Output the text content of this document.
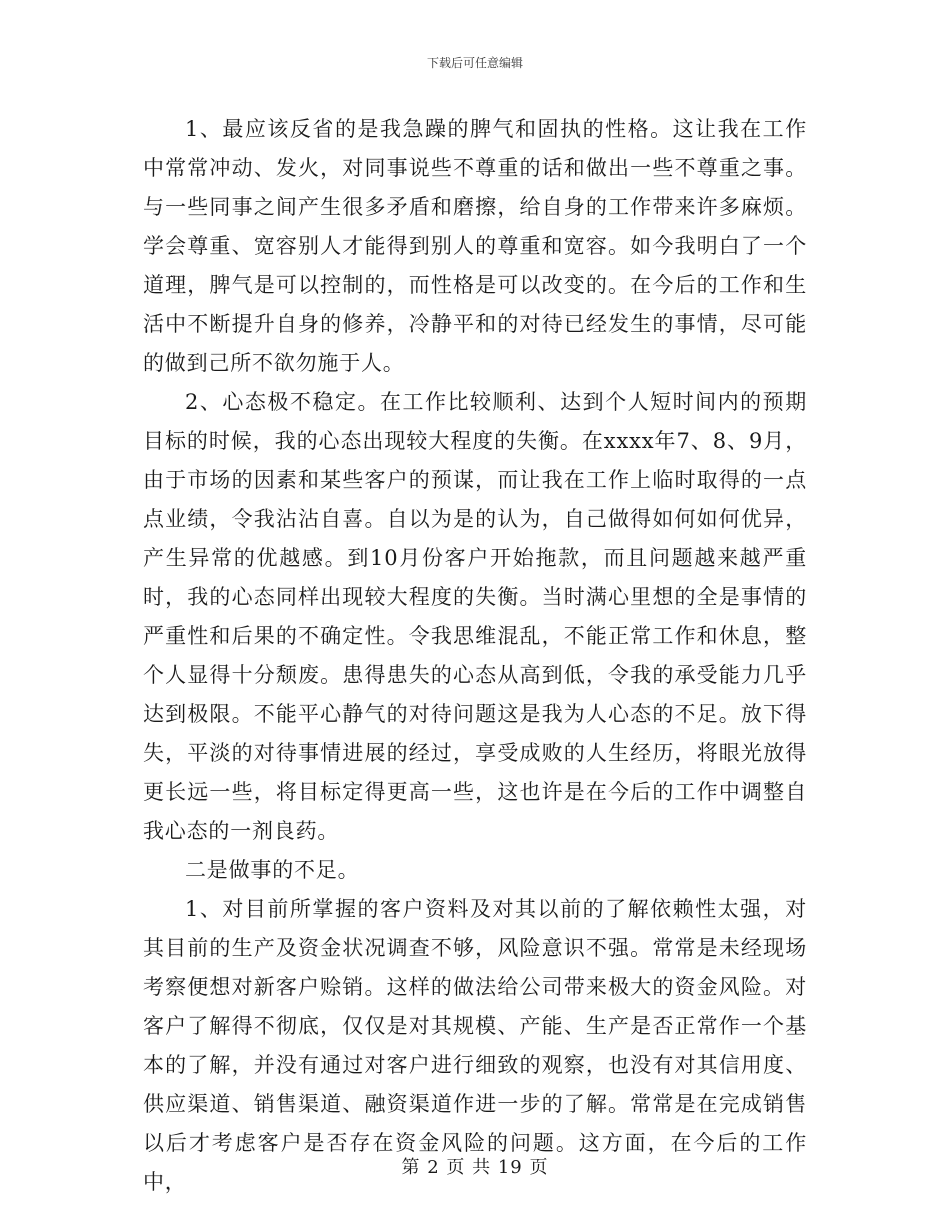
下载后可任意编辑

1、最应该反省的是我急躁的脾气和固执的性格。这让我在工作中常常冲动、发火，对同事说些不尊重的话和做出一些不尊重之事。与一些同事之间产生很多矛盾和磨擦，给自身的工作带来许多麻烦。学会尊重、宽容别人才能得到别人的尊重和宽容。如今我明白了一个道理，脾气是可以控制的，而性格是可以改变的。在今后的工作和生活中不断提升自身的修养，冷静平和的对待已经发生的事情，尽可能的做到己所不欲勿施于人。

2、心态极不稳定。在工作比较顺利、达到个人短时间内的预期目标的时候，我的心态出现较大程度的失衡。在xxxx年7、8、9月，由于市场的因素和某些客户的预谋，而让我在工作上临时取得的一点点业绩，令我沾沾自喜。自以为是的认为，自己做得如何如何优异，产生异常的优越感。到10月份客户开始拖款，而且问题越来越严重时，我的心态同样出现较大程度的失衡。当时满心里想的全是事情的严重性和后果的不确定性。令我思维混乱，不能正常工作和休息，整个人显得十分颓废。患得患失的心态从高到低，令我的承受能力几乎达到极限。不能平心静气的对待问题这是我为人心态的不足。放下得失，平淡的对待事情进展的经过，享受成败的人生经历，将眼光放得更长远一些，将目标定得更高一些，这也许是在今后的工作中调整自我心态的一剂良药。

二是做事的不足。

1、对目前所掌握的客户资料及对其以前的了解依赖性太强，对其目前的生产及资金状况调查不够，风险意识不强。常常是未经现场考察便想对新客户赊销。这样的做法给公司带来极大的资金风险。对客户了解得不彻底，仅仅是对其规模、产能、生产是否正常作一个基本的了解，并没有通过对客户进行细致的观察，也没有对其信用度、供应渠道、销售渠道、融资渠道作进一步的了解。常常是在完成销售以后才考虑客户是否存在资金风险的问题。这方面，在今后的工作中，

第 2 页 共 19 页
